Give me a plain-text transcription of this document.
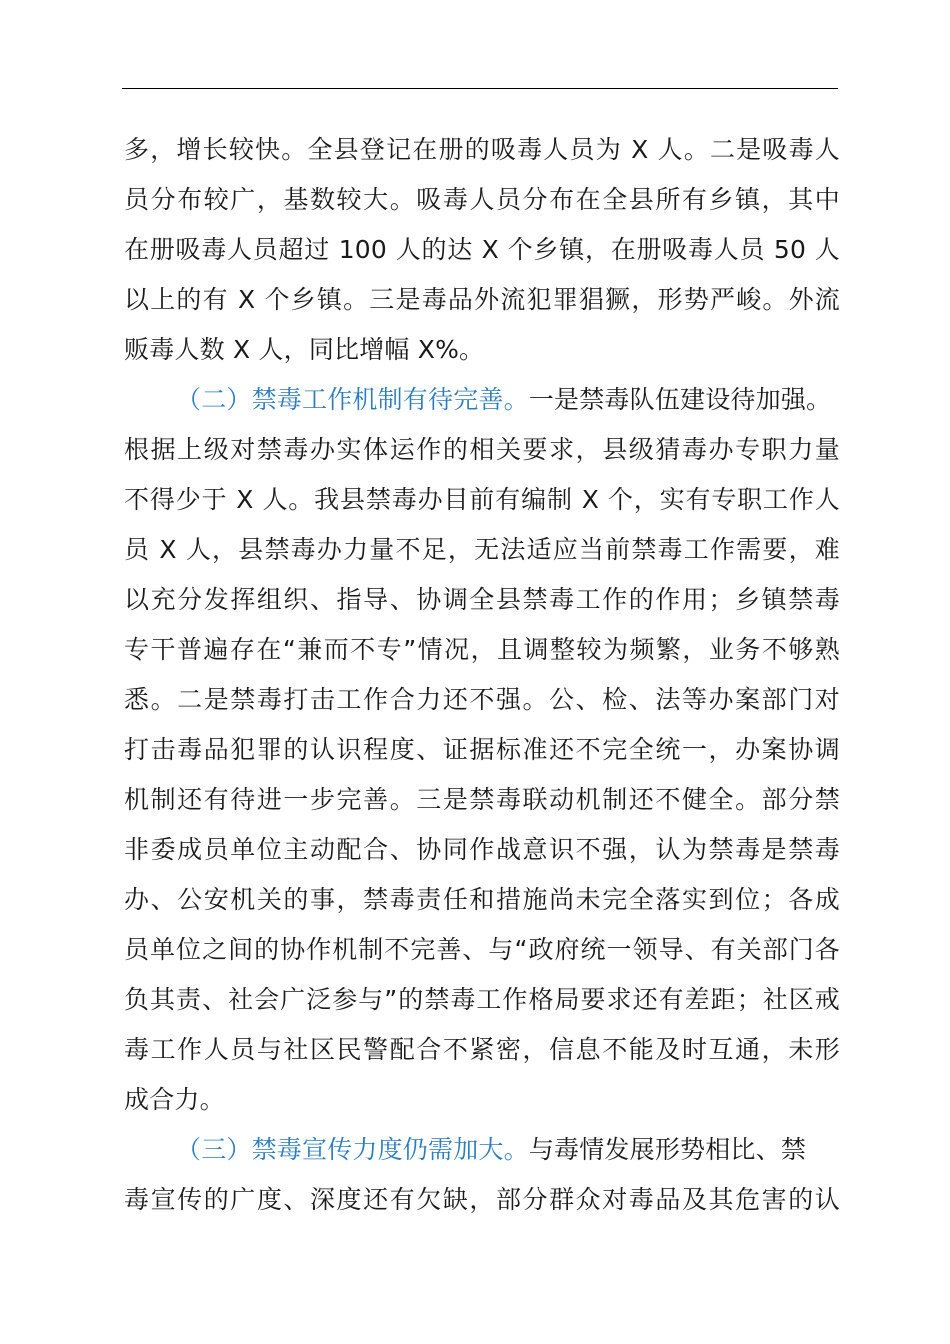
多，增长较快。全县登记在册的吸毒人员为 X 人。二是吸毒人
员分布较广，基数较大。吸毒人员分布在全县所有乡镇，其中
在册吸毒人员超过 100 人的达 X 个乡镇，在册吸毒人员 50 人
以上的有 X 个乡镇。三是毒品外流犯罪猖獗，形势严峻。外流
贩毒人数 X 人，同比增幅 X%。
（二）禁毒工作机制有待完善。一是禁毒队伍建设待加强。
根据上级对禁毒办实体运作的相关要求，县级猜毒办专职力量
不得少于 X 人。我县禁毒办目前有编制 X 个，实有专职工作人
员 X 人，县禁毒办力量不足，无法适应当前禁毒工作需要，难
以充分发挥组织、指导、协调全县禁毒工作的作用；乡镇禁毒
专干普遍存在“兼而不专”情况，且调整较为频繁，业务不够熟
悉。二是禁毒打击工作合力还不强。公、检、法等办案部门对
打击毒品犯罪的认识程度、证据标准还不完全统一，办案协调
机制还有待进一步完善。三是禁毒联动机制还不健全。部分禁
非委成员单位主动配合、协同作战意识不强，认为禁毒是禁毒
办、公安机关的事，禁毒责任和措施尚未完全落实到位；各成
员单位之间的协作机制不完善、与“政府统一领导、有关部门各
负其责、社会广泛参与”的禁毒工作格局要求还有差距；社区戒
毒工作人员与社区民警配合不紧密，信息不能及时互通，未形
成合力。
（三）禁毒宣传力度仍需加大。与毒情发展形势相比、禁
毒宣传的广度、深度还有欠缺，部分群众对毒品及其危害的认
